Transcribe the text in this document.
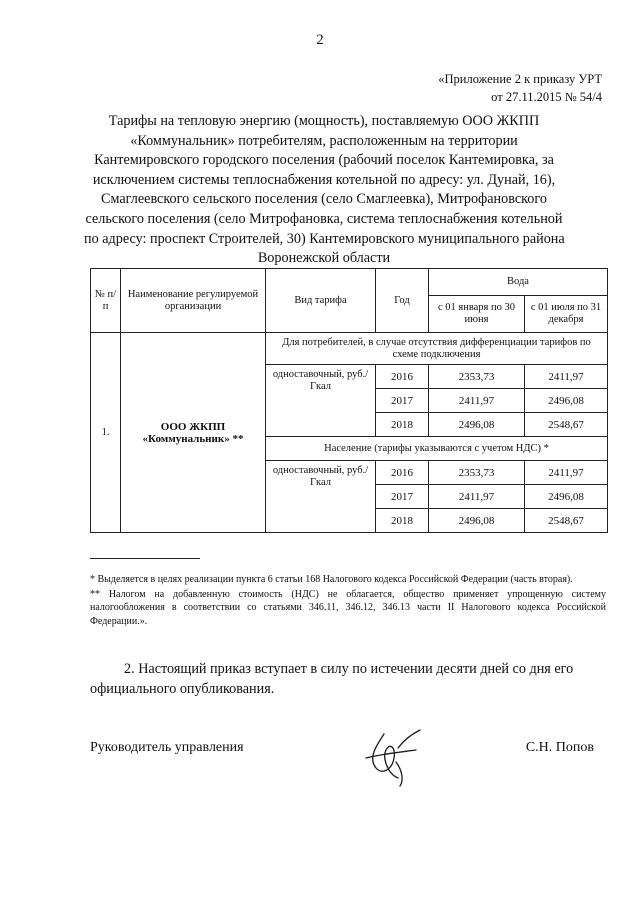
2
«Приложение 2 к приказу УРТ
от 27.11.2015 № 54/4
Тарифы на тепловую энергию (мощность), поставляемую ООО ЖКПП
«Коммунальник» потребителям, расположенным на территории
Кантемировского городского поселения (рабочий поселок Кантемировка, за
исключением системы теплоснабжения котельной по адресу: ул. Дунай, 16),
Смаглеевского сельского поселения (село Смаглеевка), Митрофановского
сельского поселения (село Митрофановка, система теплоснабжения котельной
по адресу: проспект Строителей, 30) Кантемировского муниципального района
Воронежской области
№ п/п	Наименование регулируемой организации	Вид тарифа	Год	Вода	
				с 01 января по 30 июня	с 01 июля по 31 декабря
1.	ООО ЖКПП «Коммунальник» **	Для потребителей, в случае отсутствия дифференциации тарифов по схеме подключения			
		одноставочный, руб./Гкал	2016	2353,73	2411,97
			2017	2411,97	2496,08
			2018	2496,08	2548,67
		Население (тарифы указываются с учетом НДС) *			
		одноставочный, руб./Гкал	2016	2353,73	2411,97
			2017	2411,97	2496,08
			2018	2496,08	2548,67

* Выделяется в целях реализации пункта 6 статьи 168 Налогового кодекса Российской Федерации (часть вторая).

** Налогом на добавленную стоимость (НДС) не облагается, общество применяет упрощенную систему налогообложения в соответствии со статьями 346.11, 346.12, 346.13 части II Налогового кодекса Российской Федерации.».

2. Настоящий приказ вступает в силу по истечении десяти дней со дня его официального опубликования.
Руководитель управления	С.Н. Попов
